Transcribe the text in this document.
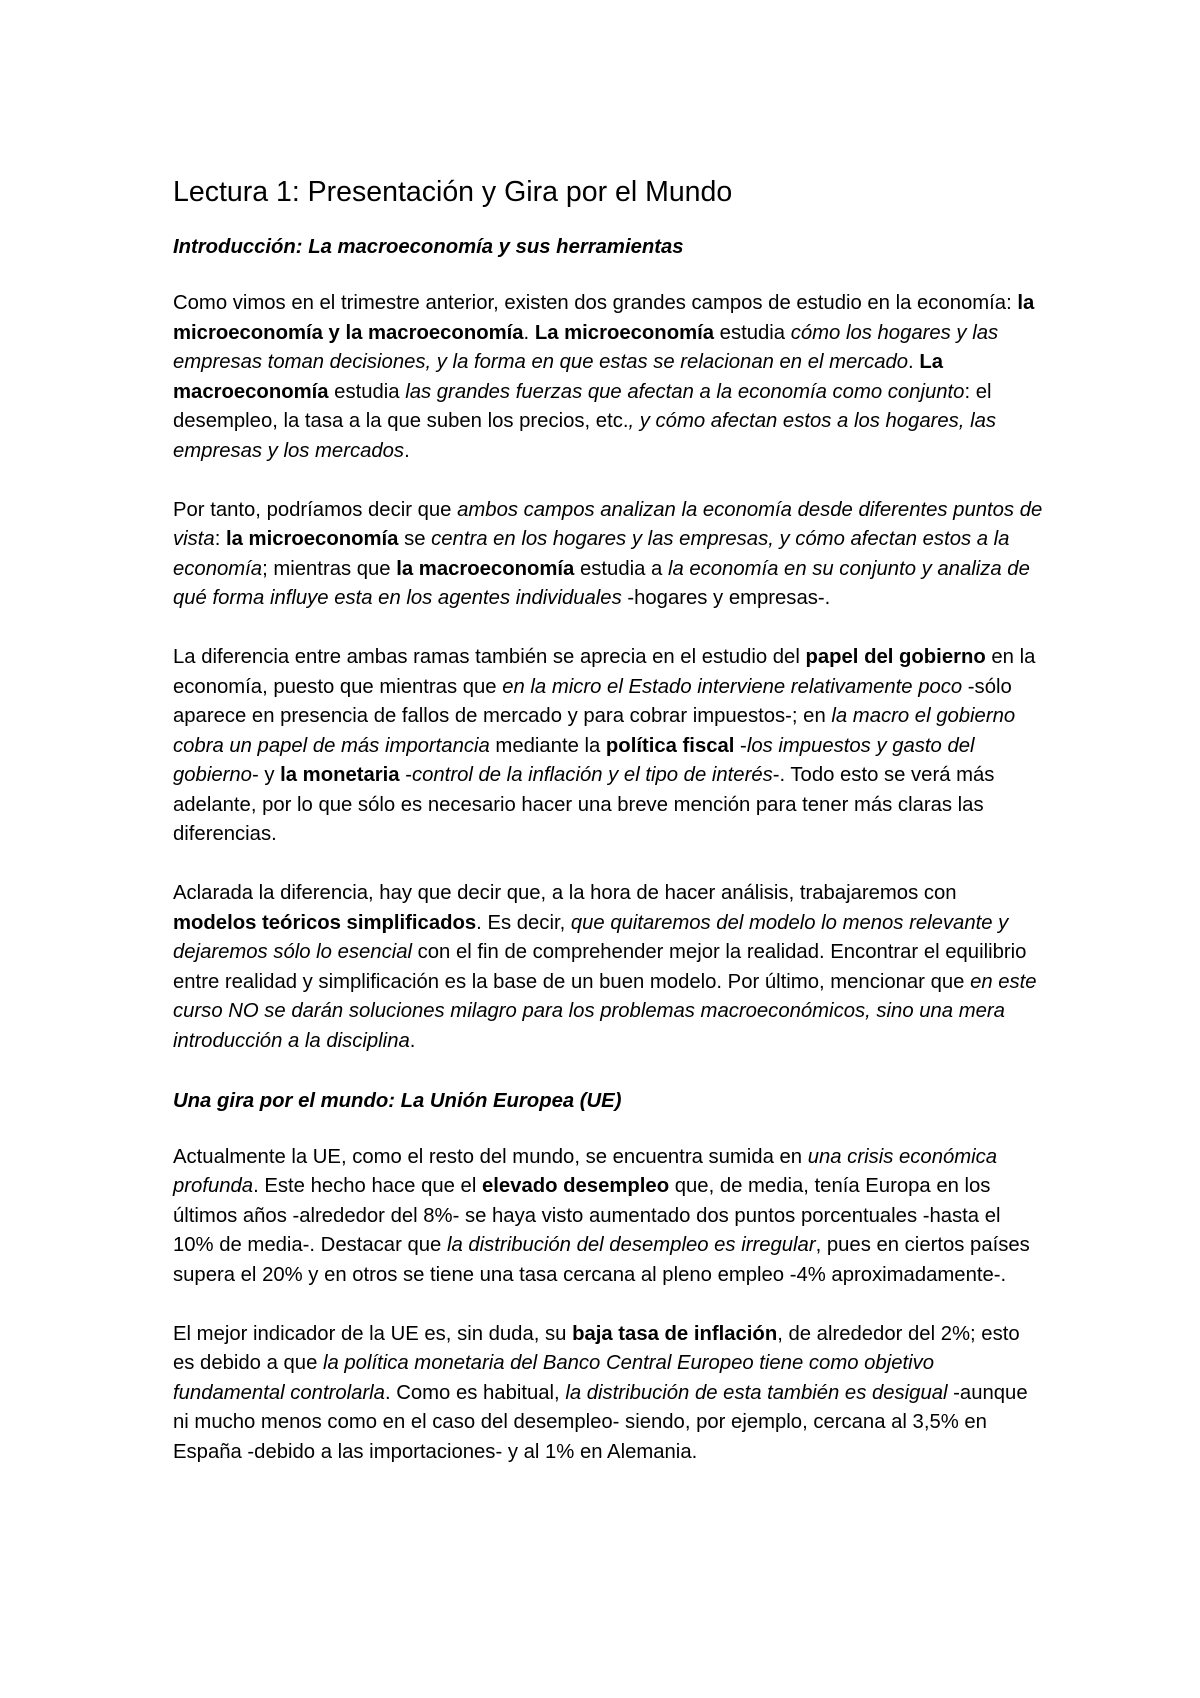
Lectura 1: Presentación y Gira por el Mundo
Introducción: La macroeconomía y sus herramientas

Como vimos en el trimestre anterior, existen dos grandes campos de estudio en la economía: la microeconomía y la macroeconomía. La microeconomía estudia cómo los hogares y las empresas toman decisiones, y la forma en que estas se relacionan en el mercado. La macroeconomía estudia las grandes fuerzas que afectan a la economía como conjunto: el desempleo, la tasa a la que suben los precios, etc., y cómo afectan estos a los hogares, las empresas y los mercados.

Por tanto, podríamos decir que ambos campos analizan la economía desde diferentes puntos de vista: la microeconomía se centra en los hogares y las empresas, y cómo afectan estos a la economía; mientras que la macroeconomía estudia a la economía en su conjunto y analiza de qué forma influye esta en los agentes individuales -hogares y empresas-.

La diferencia entre ambas ramas también se aprecia en el estudio del papel del gobierno en la economía, puesto que mientras que en la micro el Estado interviene relativamente poco -sólo aparece en presencia de fallos de mercado y para cobrar impuestos-; en la macro el gobierno cobra un papel de más importancia mediante la política fiscal -los impuestos y gasto del gobierno- y la monetaria -control de la inflación y el tipo de interés-. Todo esto se verá más adelante, por lo que sólo es necesario hacer una breve mención para tener más claras las diferencias.

Aclarada la diferencia, hay que decir que, a la hora de hacer análisis, trabajaremos con modelos teóricos simplificados. Es decir, que quitaremos del modelo lo menos relevante y dejaremos sólo lo esencial con el fin de comprehender mejor la realidad. Encontrar el equilibrio entre realidad y simplificación es la base de un buen modelo. Por último, mencionar que en este curso NO se darán soluciones milagro para los problemas macroeconómicos, sino una mera introducción a la disciplina.

Una gira por el mundo: La Unión Europea (UE)

Actualmente la UE, como el resto del mundo, se encuentra sumida en una crisis económica profunda. Este hecho hace que el elevado desempleo que, de media, tenía Europa en los últimos años -alrededor del 8%- se haya visto aumentado dos puntos porcentuales -hasta el 10% de media-. Destacar que la distribución del desempleo es irregular, pues en ciertos países supera el 20% y en otros se tiene una tasa cercana al pleno empleo -4% aproximadamente-.

El mejor indicador de la UE es, sin duda, su baja tasa de inflación, de alrededor del 2%; esto es debido a que la política monetaria del Banco Central Europeo tiene como objetivo fundamental controlarla. Como es habitual, la distribución de esta también es desigual -aunque ni mucho menos como en el caso del desempleo- siendo, por ejemplo, cercana al 3,5% en España -debido a las importaciones- y al 1% en Alemania.
